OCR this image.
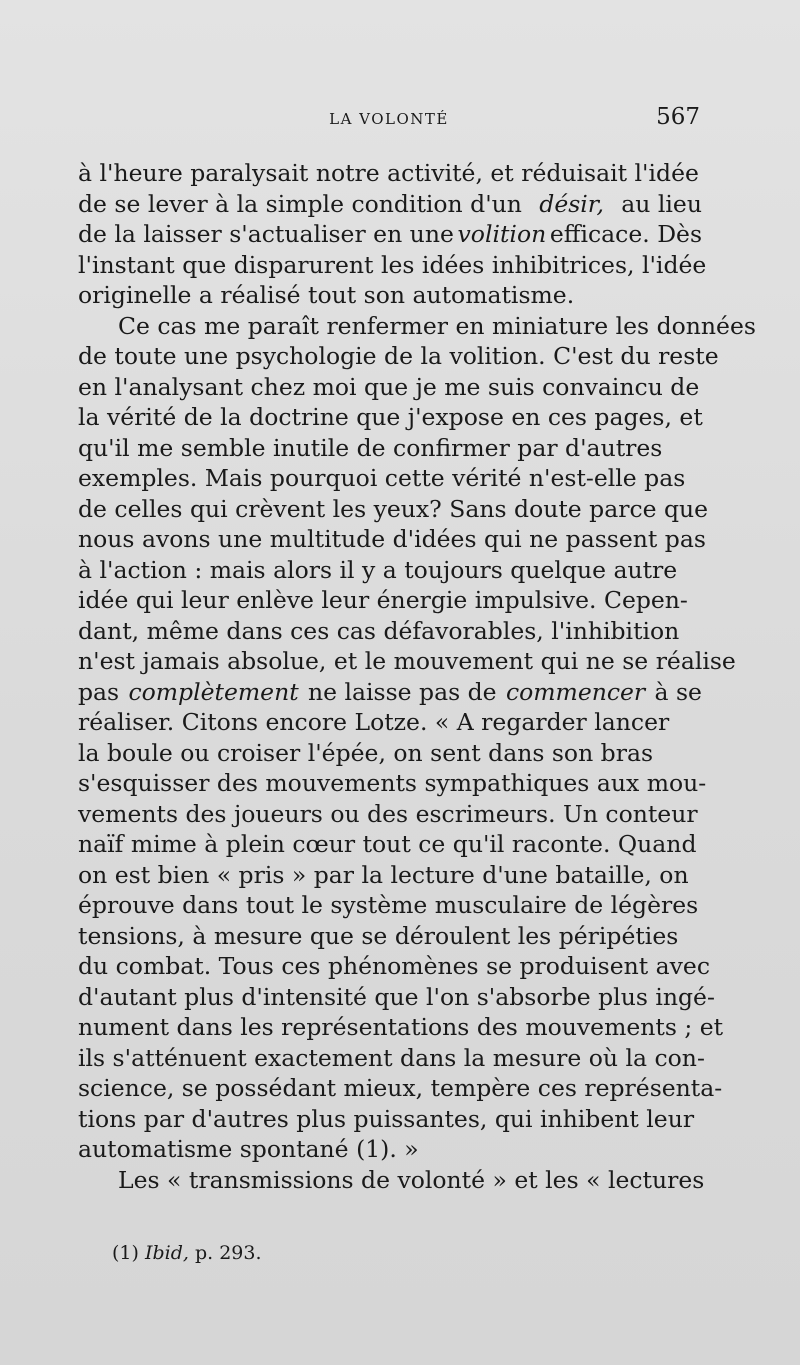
LA VOLONTÉ	567
à l'heure paralysait notre activité, et réduisait l'idée
de se lever à la simple condition d'un désir, au lieu
de la laisser s'actualiser en une volition efficace. Dès
l'instant que disparurent les idées inhibitrices, l'idée
originelle a réalisé tout son automatisme.
Ce cas me paraît renfermer en miniature les données
de toute une psychologie de la volition. C'est du reste
en l'analysant chez moi que je me suis convaincu de
la vérité de la doctrine que j'expose en ces pages, et
qu'il me semble inutile de confirmer par d'autres
exemples. Mais pourquoi cette vérité n'est-elle pas
de celles qui crèvent les yeux? Sans doute parce que
nous avons une multitude d'idées qui ne passent pas
à l'action : mais alors il y a toujours quelque autre
idée qui leur enlève leur énergie impulsive. Cepen-
dant, même dans ces cas défavorables, l'inhibition
n'est jamais absolue, et le mouvement qui ne se réalise
pas complètement ne laisse pas de commencer à se
réaliser. Citons encore Lotze. « A regarder lancer
la boule ou croiser l'épée, on sent dans son bras
s'esquisser des mouvements sympathiques aux mou-
vements des joueurs ou des escrimeurs. Un conteur
naïf mime à plein cœur tout ce qu'il raconte. Quand
on est bien « pris » par la lecture d'une bataille, on
éprouve dans tout le système musculaire de légères
tensions, à mesure que se déroulent les péripéties
du combat. Tous ces phénomènes se produisent avec
d'autant plus d'intensité que l'on s'absorbe plus ingé-
nument dans les représentations des mouvements ; et
ils s'atténuent exactement dans la mesure où la con-
science, se possédant mieux, tempère ces représenta-
tions par d'autres plus puissantes, qui inhibent leur
automatisme spontané (1). »
Les « transmissions de volonté » et les « lectures
(1) Ibid, p. 293.
